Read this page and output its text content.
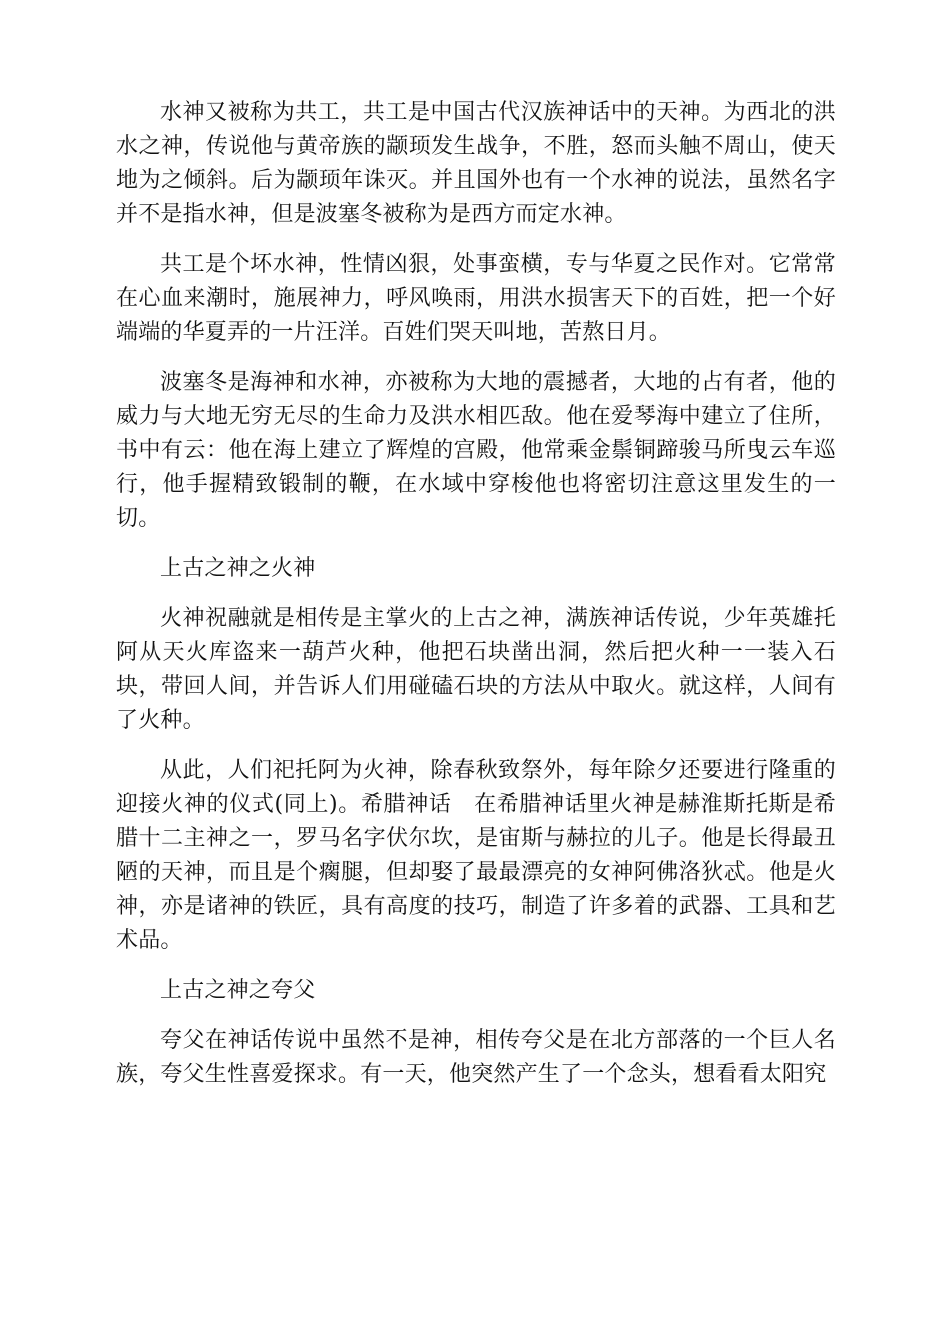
水神又被称为共工，共工是中国古代汉族神话中的天神。为西北的洪水之神，传说他与黄帝族的颛顼发生战争，不胜，怒而头触不周山，使天地为之倾斜。后为颛顼年诛灭。并且国外也有一个水神的说法，虽然名字并不是指水神，但是波塞冬被称为是西方而定水神。

共工是个坏水神，性情凶狠，处事蛮横，专与华夏之民作对。它常常在心血来潮时，施展神力，呼风唤雨，用洪水损害天下的百姓，把一个好端端的华夏弄的一片汪洋。百姓们哭天叫地，苦熬日月。

波塞冬是海神和水神，亦被称为大地的震撼者，大地的占有者，他的威力与大地无穷无尽的生命力及洪水相匹敌。他在爱琴海中建立了住所，书中有云：他在海上建立了辉煌的宫殿，他常乘金鬃铜蹄骏马所曳云车巡行，他手握精致锻制的鞭，在水域中穿梭他也将密切注意这里发生的一切。

上古之神之火神

火神祝融就是相传是主掌火的上古之神，满族神话传说，少年英雄托阿从天火库盗来一葫芦火种，他把石块凿出洞，然后把火种一一装入石块，带回人间，并告诉人们用碰磕石块的方法从中取火。就这样，人间有了火种。

从此，人们祀托阿为火神，除春秋致祭外，每年除夕还要进行隆重的迎接火神的仪式(同上)。希腊神话　在希腊神话里火神是赫淮斯托斯是希腊十二主神之一，罗马名字伏尔坎，是宙斯与赫拉的儿子。他是长得最丑陋的天神，而且是个瘸腿，但却娶了最最漂亮的女神阿佛洛狄忒。他是火神，亦是诸神的铁匠，具有高度的技巧，制造了许多着的武器、工具和艺术品。

上古之神之夸父

夸父在神话传说中虽然不是神，相传夸父是在北方部落的一个巨人名族，夸父生性喜爱探求。有一天，他突然产生了一个念头，想看看太阳究
